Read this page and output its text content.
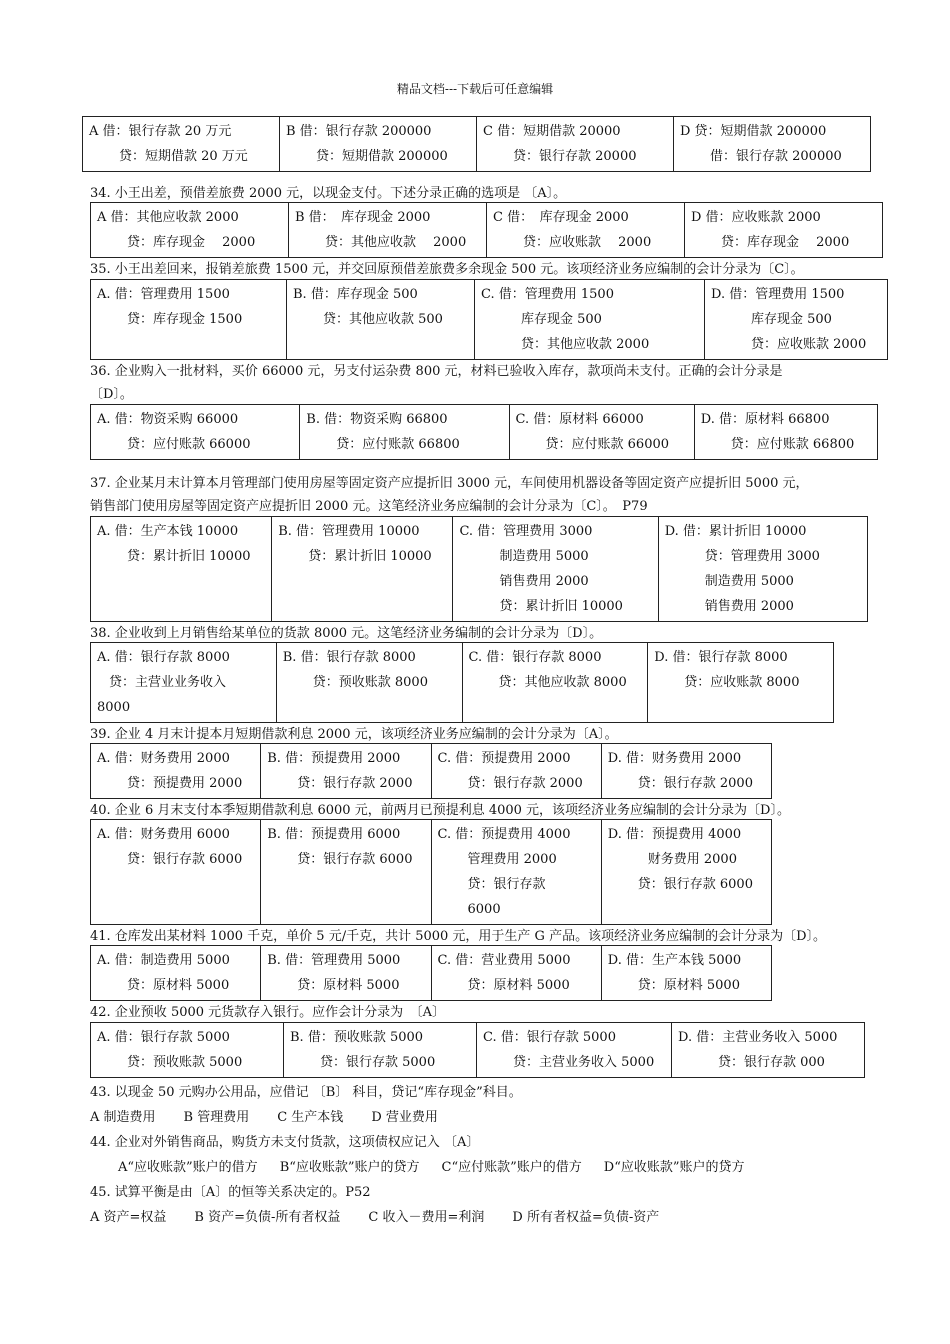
精品文档---下载后可任意编辑
A 借：银行存款 20 万元
贷：短期借款 20 万元

B 借：银行存款 200000
贷：短期借款 200000

C 借：短期借款 20000
贷：银行存款 20000

D 贷：短期借款 200000
借：银行存款 200000
34. 小王出差，预借差旅费 2000 元，以现金支付。下述分录正确的选项是 〔A〕。
A 借：其他应收款 2000
贷：库存现金　 2000

B 借：　库存现金 2000
贷：其他应收款　 2000

C 借：　库存现金 2000
贷：应收账款　 2000

D 借：应收账款 2000
贷：库存现金　 2000
35. 小王出差回来，报销差旅费 1500 元，并交回原预借差旅费多余现金 500 元。该项经济业务应编制的会计分录为〔C〕。
A. 借：管理费用 1500
贷：库存现金 1500

B. 借：库存现金 500
贷：其他应收款 500

C. 借：管理费用 1500
库存现金 500
贷：其他应收款 2000

D. 借：管理费用 1500
库存现金 500
贷：应收账款 2000
36. 企业购入一批材料，买价 66000 元，另支付运杂费 800 元，材料已验收入库存，款项尚未支付。正确的会计分录是
〔D〕。
A. 借：物资采购 66000
贷：应付账款 66000

B. 借：物资采购 66800
贷：应付账款 66800

C. 借：原材料 66000
贷：应付账款 66000

D. 借：原材料 66800
贷：应付账款 66800
37. 企业某月末计算本月管理部门使用房屋等固定资产应提折旧 3000 元，车间使用机器设备等固定资产应提折旧 5000 元，
销售部门使用房屋等固定资产应提折旧 2000 元。这笔经济业务应编制的会计分录为〔C〕。　P79
A. 借：生产本钱 10000
贷：累计折旧 10000

B. 借：管理费用 10000
贷：累计折旧 10000

C. 借：管理费用 3000
制造费用 5000
销售费用 2000
贷：累计折旧 10000

D. 借：累计折旧 10000
贷：管理费用 3000
制造费用 5000
销售费用 2000
38. 企业收到上月销售给某单位的货款 8000 元。这笔经济业务编制的会计分录为〔D〕。
A. 借：银行存款 8000
贷：主营业业务收入
8000

B. 借：银行存款 8000
贷：预收账款 8000

C. 借：银行存款 8000
贷：其他应收款 8000

D. 借：银行存款 8000
贷：应收账款 8000
39. 企业 4 月末计提本月短期借款利息 2000 元，该项经济业务应编制的会计分录为〔A〕。
A. 借：财务费用 2000
贷：预提费用 2000

B. 借：预提费用 2000
贷：银行存款 2000

C. 借：预提费用 2000
贷：银行存款 2000

D. 借：财务费用 2000
贷：银行存款 2000
40. 企业 6 月末支付本季短期借款利息 6000 元，前两月已预提利息 4000 元，该项经济业务应编制的会计分录为〔D〕。
A. 借：财务费用 6000
贷：银行存款 6000

B. 借：预提费用 6000
贷：银行存款 6000

C. 借：预提费用 4000
管理费用 2000
贷：银行存款
6000

D. 借：预提费用 4000
财务费用 2000
贷：银行存款 6000
41. 仓库发出某材料 1000 千克，单价 5 元/千克，共计 5000 元，用于生产 G 产品。该项经济业务应编制的会计分录为〔D〕。
A. 借：制造费用 5000
贷：原材料 5000

B. 借：管理费用 5000
贷：原材料 5000

C. 借：营业费用 5000
贷：原材料 5000

D. 借：生产本钱 5000
贷：原材料 5000
42. 企业预收 5000 元货款存入银行。应作会计分录为　〔A〕
A. 借：银行存款 5000
贷：预收账款 5000

B. 借：预收账款 5000
贷：银行存款 5000

C. 借：银行存款 5000
贷：主营业务收入 5000

D. 借：主营业务收入 5000
贷：银行存款 000
43. 以现金 50 元购办公用品，应借记 〔B〕 科目，贷记“库存现金”科目。
A 制造费用 B 管理费用 C 生产本钱 D 营业费用
44. 企业对外销售商品，购货方未支付货款，这项债权应记入 〔A〕
A“应收账款”账户的借方 B“应收账款”账户的贷方 C“应付账款”账户的借方 D“应收账款”账户的贷方
45. 试算平衡是由〔A〕的恒等关系决定的。P52
A 资产=权益 B 资产=负债-所有者权益 C 收入－费用=利润 D 所有者权益=负债-资产
